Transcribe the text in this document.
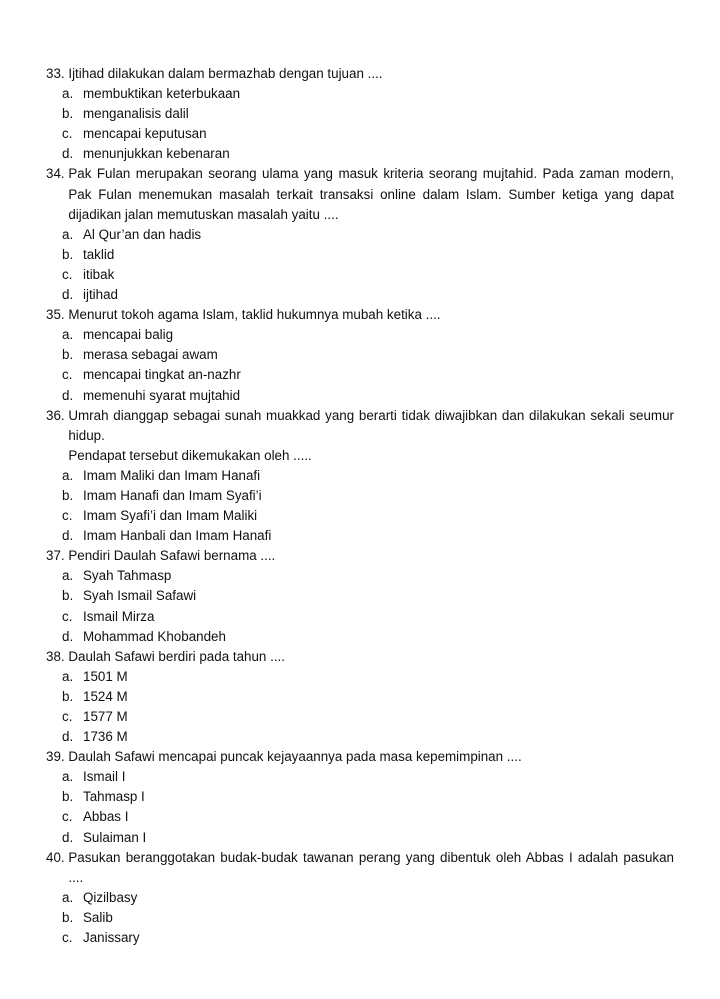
33.
Ijtihad dilakukan dalam bermazhab dengan tujuan ....

a. membuktikan keterbukaan
b. menganalisis dalil
c. mencapai keputusan
d. menunjukkan kebenaran
34.
Pak Fulan merupakan seorang ulama yang masuk kriteria seorang mujtahid. Pada zaman modern, Pak Fulan menemukan masalah terkait transaksi online dalam Islam. Sumber ketiga yang dapat dijadikan jalan memutuskan masalah yaitu ....

a. Al Qur’an dan hadis
b. taklid
c. itibak
d. ijtihad
35.
Menurut tokoh agama Islam, taklid hukumnya mubah ketika ....

a. mencapai balig
b. merasa sebagai awam
c. mencapai tingkat an-nazhr
d. memenuhi syarat mujtahid
36.
Umrah dianggap sebagai sunah muakkad yang berarti tidak diwajibkan dan dilakukan sekali seumur hidup.

Pendapat tersebut dikemukakan oleh .....

a. Imam Maliki dan Imam Hanafi
b. Imam Hanafi dan Imam Syafi’i
c. Imam Syafi’i dan Imam Maliki
d. Imam Hanbali dan Imam Hanafi
37.
Pendiri Daulah Safawi bernama ....

a. Syah Tahmasp
b. Syah Ismail Safawi
c. Ismail Mirza
d. Mohammad Khobandeh
38.
Daulah Safawi berdiri pada tahun ....

a. 1501 M
b. 1524 M
c. 1577 M
d. 1736 M
39.
Daulah Safawi mencapai puncak kejayaannya pada masa kepemimpinan ....

a. Ismail I
b. Tahmasp I
c. Abbas I
d. Sulaiman I
40.
Pasukan beranggotakan budak-budak tawanan perang yang dibentuk oleh Abbas I adalah pasukan ....

a. Qizilbasy
b. Salib
c. Janissary
